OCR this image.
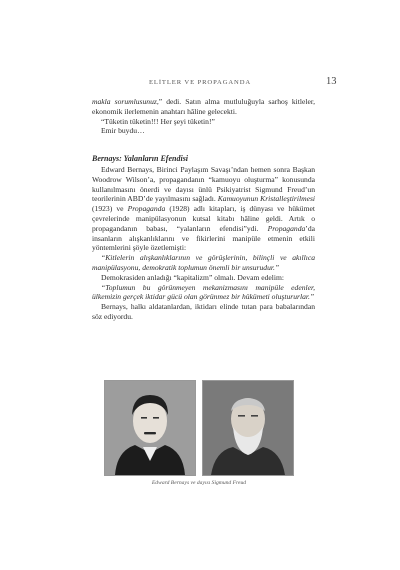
ELİTLER VE PROPAGANDA	13

makla sorumlusunuz,” dedi. Satın alma mutluluğuyla sarhoş kitleler, ekonomik ilerlemenin anahtarı hâline gelecekti.

“Tüketin tüketin!!! Her şeyi tüketin!”

Emir buydu…

Bernays: Yalanların Efendisi

Edward Bernays, Birinci Paylaşım Savaşı’ndan hemen sonra Başkan Woodrow Wilson’a, propagandanın “kamuoyu oluşturma” konusunda kullanılmasını önerdi ve dayısı ünlü Psikiyatrist Sigmund Freud’un teorilerinin ABD’de yayılmasını sağladı. Kamuoyunun Kristalleştirilmesi (1923) ve Propaganda (1928) adlı kitapları, iş dünyası ve hükümet çevrelerinde manipülasyonun kutsal kitabı hâline geldi. Artık o propagandanın babası, “yalanların efendisi”ydi. Propaganda’da insanların alışkanlıklarını ve fikirlerini manipüle etmenin etkili yöntemlerini şöyle özetlemişti:

“Kitlelerin alışkanlıklarının ve görüşlerinin, bilinçli ve akıllıca manipülasyonu, demokratik toplumun önemli bir unsurudur.”

Demokrasiden anladığı “kapitalizm” olmalı. Devam edelim:

“Toplumun bu görünmeyen mekanizmasını manipüle edenler, ülkemizin gerçek iktidar gücü olan görünmez bir hükümeti oluştururlar.”

Bernays, halkı aldatanlardan, iktidarı elinde tutan para babalarından söz ediyordu.

Edward Bernays ve dayısı Sigmund Freud
